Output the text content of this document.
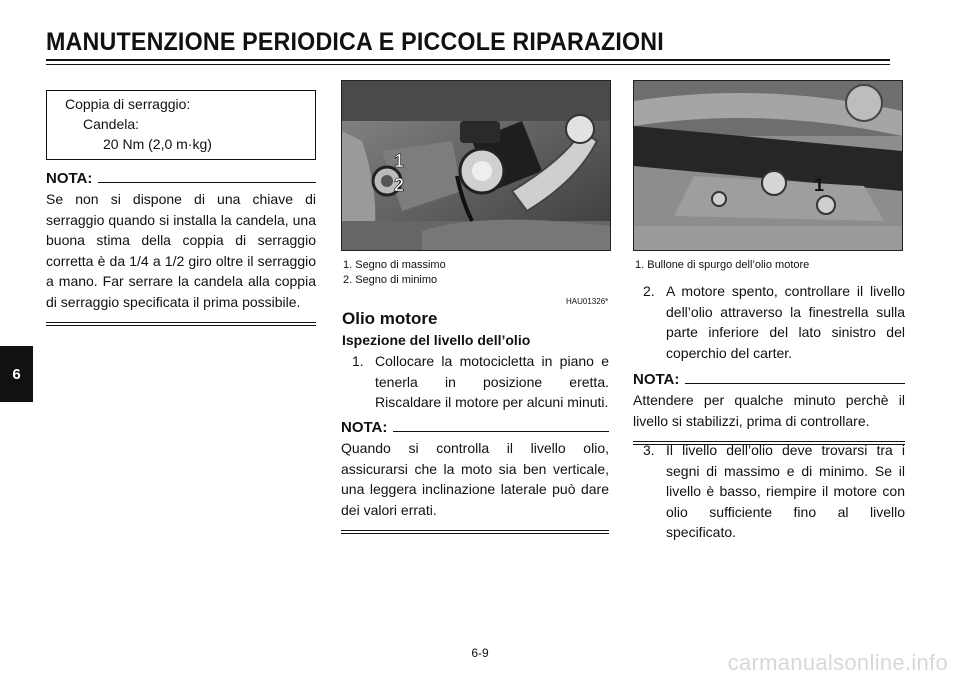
MANUTENZIONE PERIODICA E PICCOLE RIPARAZIONI
6
Coppia di serraggio:
Candela:
20 Nm (2,0 m·kg)
NOTA:
Se non si dispone di una chiave di serraggio quando si installa la candela, una buona stima della coppia di serraggio corretta è da 1/4 a 1/2 giro oltre il serraggio a mano. Far serrare la candela alla coppia di serraggio specificata il prima possibile.
1
2
1. Segno di massimo
2. Segno di minimo
HAU01326*
Olio motore
Ispezione del livello dell’olio
1. Collocare la motocicletta in piano e tenerla in posizione eretta. Riscaldare il motore per alcuni minuti.
NOTA:
Quando si controlla il livello olio, assicurarsi che la moto sia ben verticale, una leggera inclinazione laterale può dare dei valori errati.
1
1. Bullone di spurgo dell’olio motore
2. A motore spento, controllare il livello dell’olio attraverso la finestrella sulla parte inferiore del lato sinistro del coperchio del carter.
NOTA:
Attendere per qualche minuto perchè il livello si stabilizzi, prima di controllare.
3. Il livello dell’olio deve trovarsi tra i segni di massimo e di minimo. Se il livello è basso, riempire il motore con olio sufficiente fino al livello specificato.
6-9	carmanualsonline.info
